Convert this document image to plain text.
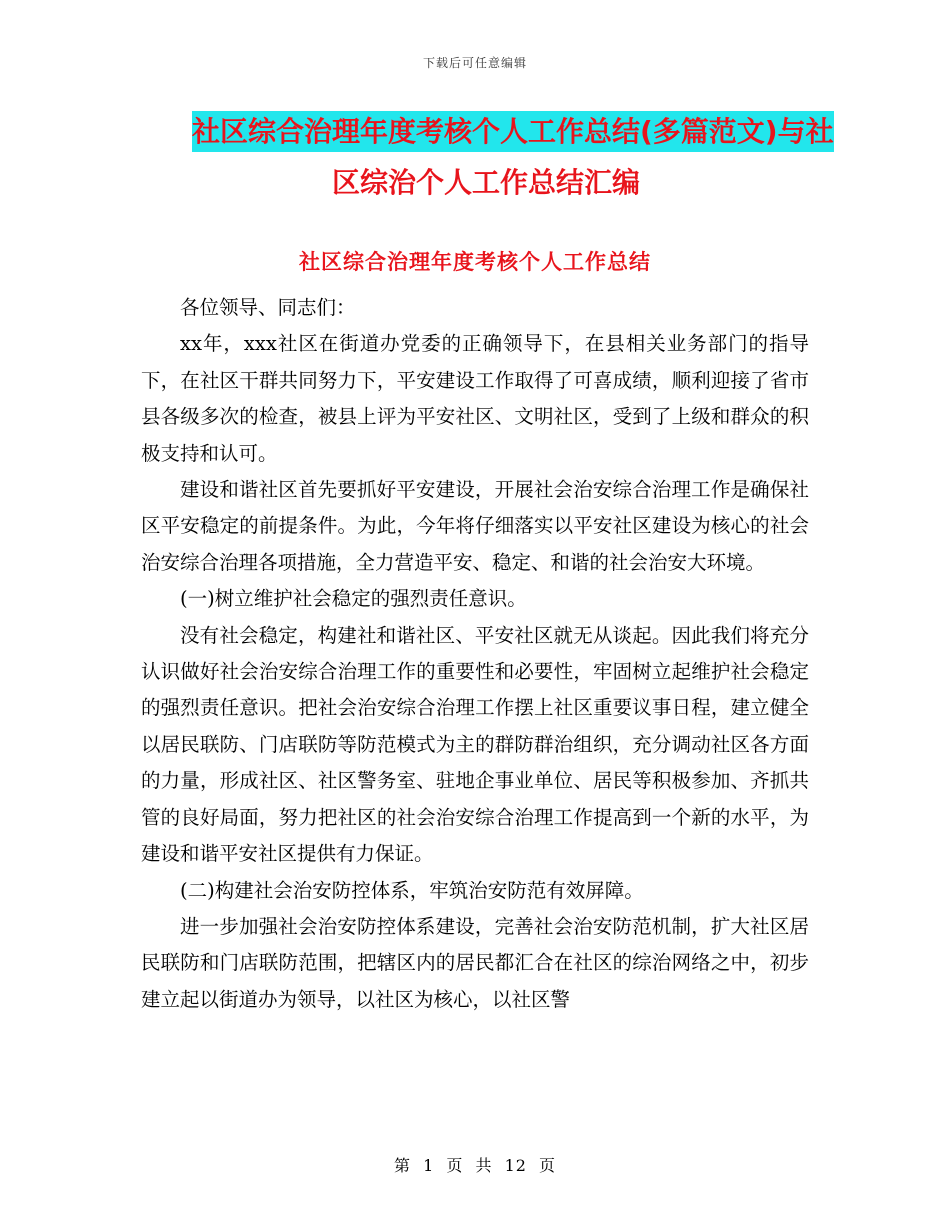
下载后可任意编辑
社区综合治理年度考核个人工作总结(多篇范文)与社
区综治个人工作总结汇编
社区综合治理年度考核个人工作总结

各位领导、同志们：

xx年，xxx社区在街道办党委的正确领导下，在县相关业务部门的指导下，在社区干群共同努力下，平安建设工作取得了可喜成绩，顺利迎接了省市县各级多次的检查，被县上评为平安社区、文明社区，受到了上级和群众的积极支持和认可。

建设和谐社区首先要抓好平安建设，开展社会治安综合治理工作是确保社区平安稳定的前提条件。为此，今年将仔细落实以平安社区建设为核心的社会治安综合治理各项措施，全力营造平安、稳定、和谐的社会治安大环境。

(一)树立维护社会稳定的强烈责任意识。

没有社会稳定，构建社和谐社区、平安社区就无从谈起。因此我们将充分认识做好社会治安综合治理工作的重要性和必要性，牢固树立起维护社会稳定的强烈责任意识。把社会治安综合治理工作摆上社区重要议事日程，建立健全以居民联防、门店联防等防范模式为主的群防群治组织，充分调动社区各方面的力量，形成社区、社区警务室、驻地企事业单位、居民等积极参加、齐抓共管的良好局面，努力把社区的社会治安综合治理工作提高到一个新的水平，为建设和谐平安社区提供有力保证。

(二)构建社会治安防控体系，牢筑治安防范有效屏障。

进一步加强社会治安防控体系建设，完善社会治安防范机制，扩大社区居民联防和门店联防范围，把辖区内的居民都汇合在社区的综治网络之中，初步建立起以街道办为领导，以社区为核心，以社区警

第 1 页 共 12 页
